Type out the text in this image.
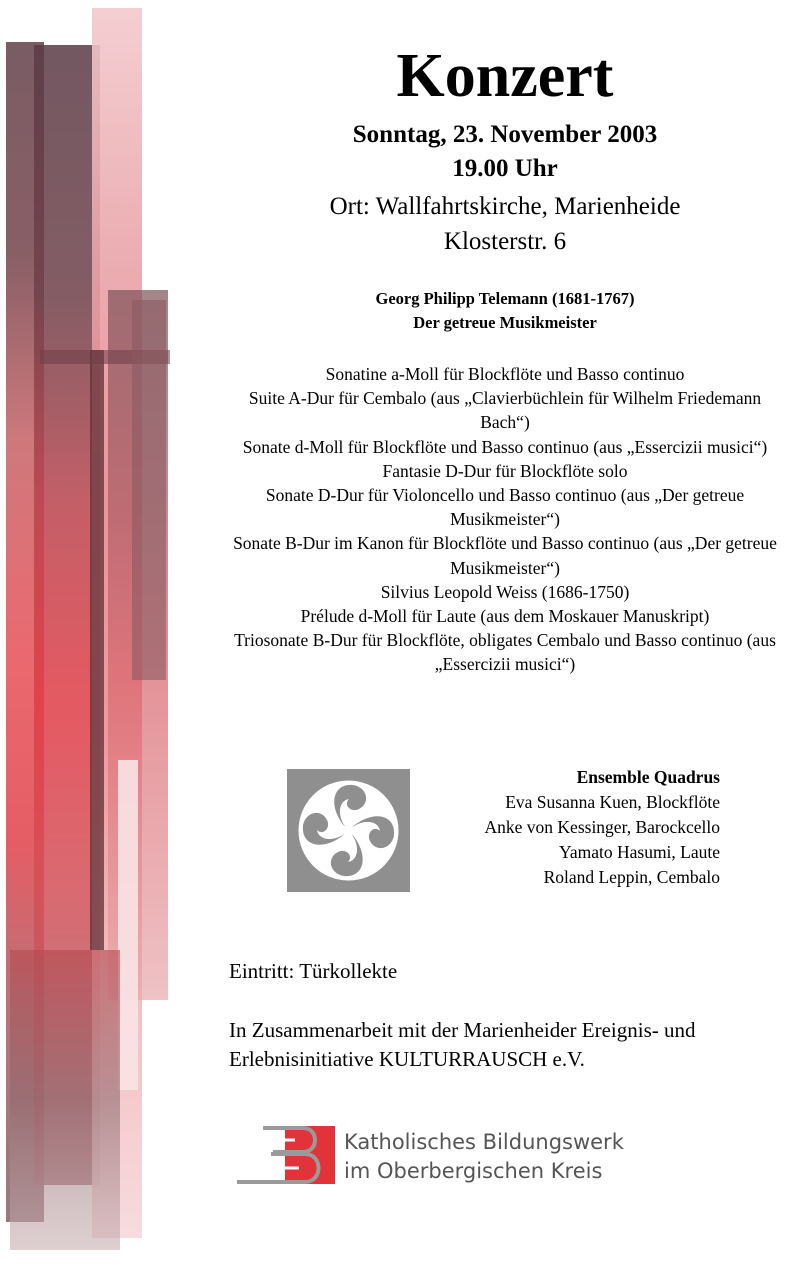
Konzert
Sonntag, 23. November 2003
19.00 Uhr
Ort: Wallfahrtskirche, Marienheide
Klosterstr. 6
Georg Philipp Telemann (1681-1767)
Der getreue Musikmeister
Sonatine a-Moll für Blockflöte und Basso continuo
Suite A-Dur für Cembalo (aus „Clavierbüchlein für Wilhelm Friedemann Bach“)
Sonate d-Moll für Blockflöte und Basso continuo (aus „Essercizii musici“)
Fantasie D-Dur für Blockflöte solo
Sonate D-Dur für Violoncello und Basso continuo (aus „Der getreue Musikmeister“)
Sonate B-Dur im Kanon für Blockflöte und Basso continuo (aus „Der getreue Musikmeister“)
Silvius Leopold Weiss (1686-1750)
Prélude d-Moll für Laute (aus dem Moskauer Manuskript)
Triosonate B-Dur für Blockflöte, obligates Cembalo und Basso continuo (aus „Essercizii musici“)
Ensemble Quadrus
Eva Susanna Kuen, Blockflöte
Anke von Kessinger, Barockcello
Yamato Hasumi, Laute
Roland Leppin, Cembalo
Eintritt: Türkollekte
In Zusammenarbeit mit der Marienheider Ereignis- und
Erlebnisinitiative KULTURRAUSCH e.V.
Katholisches Bildungswerk
im Oberbergischen Kreis
